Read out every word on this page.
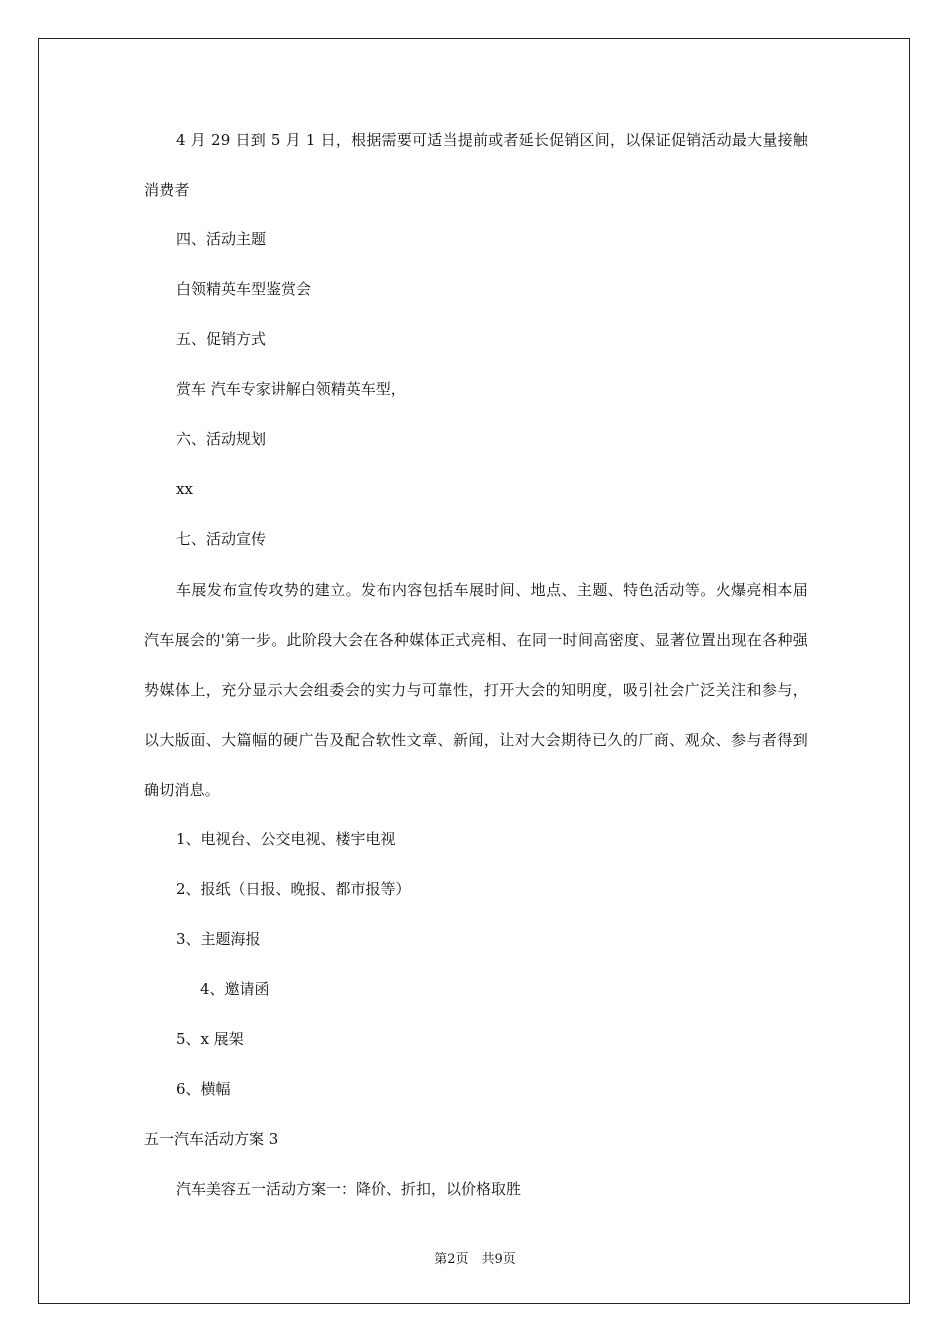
4 月 29 日到 5 月 1 日，根据需要可适当提前或者延长促销区间，以保证促销活动最大量接触消费者
四、活动主题
白领精英车型鉴赏会
五、促销方式
赏车 汽车专家讲解白领精英车型，
六、活动规划
xx
七、活动宣传
车展发布宣传攻势的建立。发布内容包括车展时间、地点、主题、特色活动等。火爆亮相本届汽车展会的'第一步。此阶段大会在各种媒体正式亮相、在同一时间高密度、显著位置出现在各种强势媒体上，充分显示大会组委会的实力与可靠性，打开大会的知明度，吸引社会广泛关注和参与，以大版面、大篇幅的硬广告及配合软性文章、新闻，让对大会期待已久的厂商、观众、参与者得到确切消息。
1、电视台、公交电视、楼宇电视
2、报纸（日报、晚报、都市报等）
3、主题海报
4、邀请函
5、x 展架
6、横幅
五一汽车活动方案 3
汽车美容五一活动方案一：降价、折扣，以价格取胜
第2页　共9页
